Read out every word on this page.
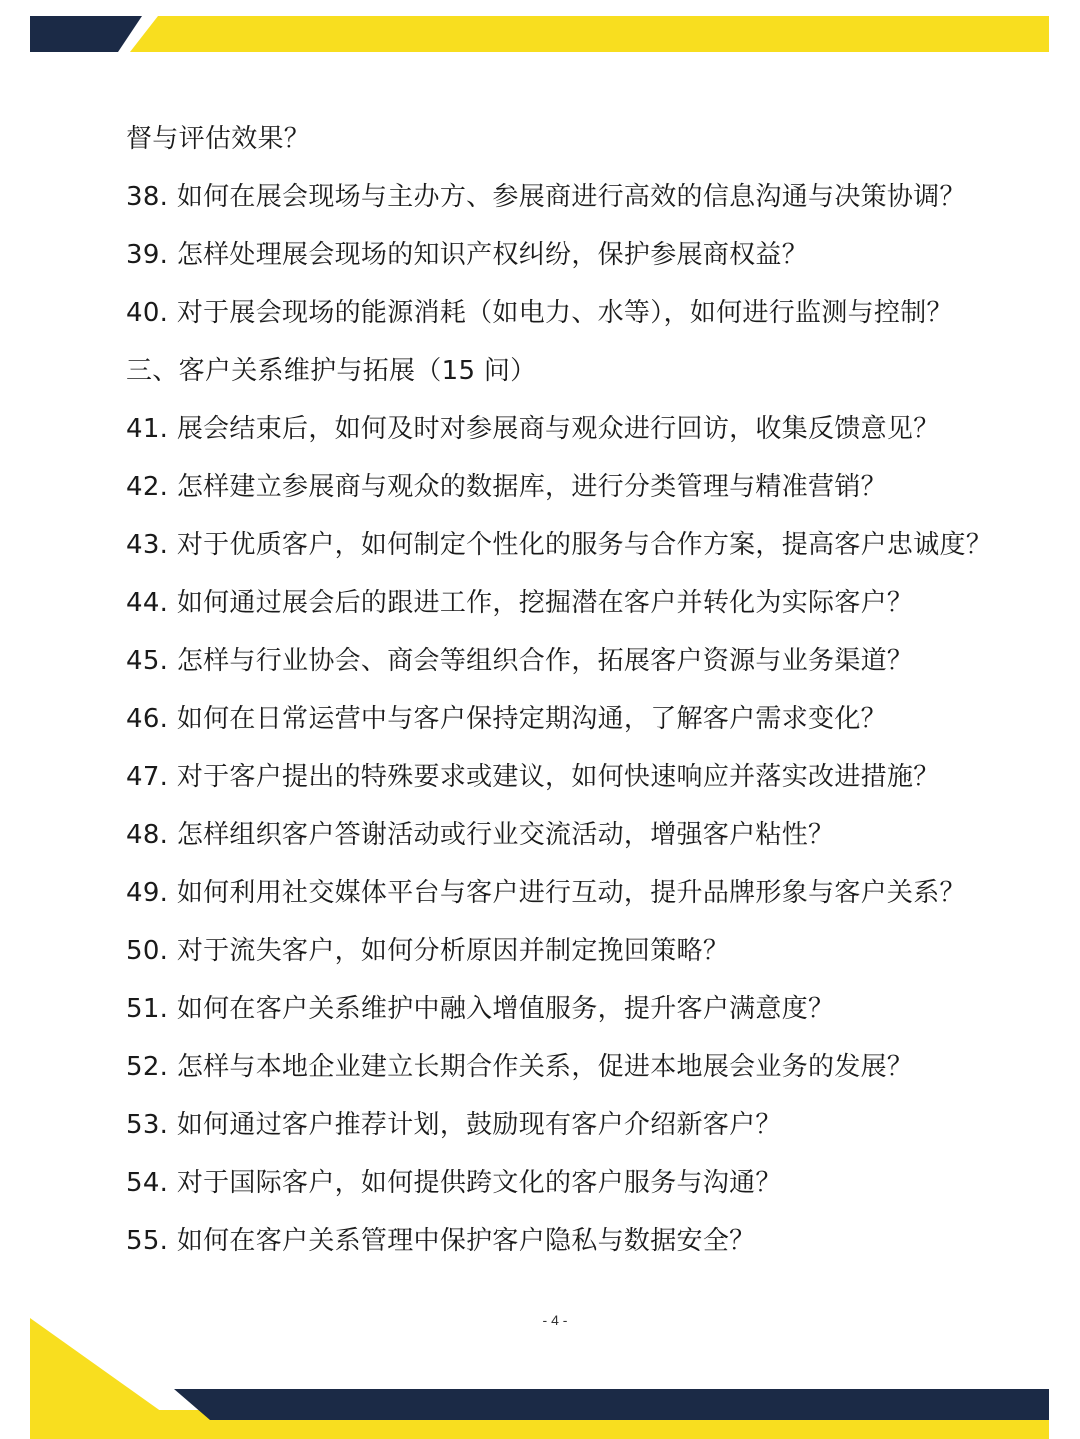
督与评估效果？

38. 如何在展会现场与主办方、参展商进行高效的信息沟通与决策协调？

39. 怎样处理展会现场的知识产权纠纷，保护参展商权益？

40. 对于展会现场的能源消耗（如电力、水等），如何进行监测与控制？

三、客户关系维护与拓展（15 问）

41. 展会结束后，如何及时对参展商与观众进行回访，收集反馈意见？

42. 怎样建立参展商与观众的数据库，进行分类管理与精准营销？

43. 对于优质客户，如何制定个性化的服务与合作方案，提高客户忠诚度？

44. 如何通过展会后的跟进工作，挖掘潜在客户并转化为实际客户？

45. 怎样与行业协会、商会等组织合作，拓展客户资源与业务渠道？

46. 如何在日常运营中与客户保持定期沟通，了解客户需求变化？

47. 对于客户提出的特殊要求或建议，如何快速响应并落实改进措施？

48. 怎样组织客户答谢活动或行业交流活动，增强客户粘性？

49. 如何利用社交媒体平台与客户进行互动，提升品牌形象与客户关系？

50. 对于流失客户，如何分析原因并制定挽回策略？

51. 如何在客户关系维护中融入增值服务，提升客户满意度？

52. 怎样与本地企业建立长期合作关系，促进本地展会业务的发展？

53. 如何通过客户推荐计划，鼓励现有客户介绍新客户？

54. 对于国际客户，如何提供跨文化的客户服务与沟通？

55. 如何在客户关系管理中保护客户隐私与数据安全？

- 4 -
